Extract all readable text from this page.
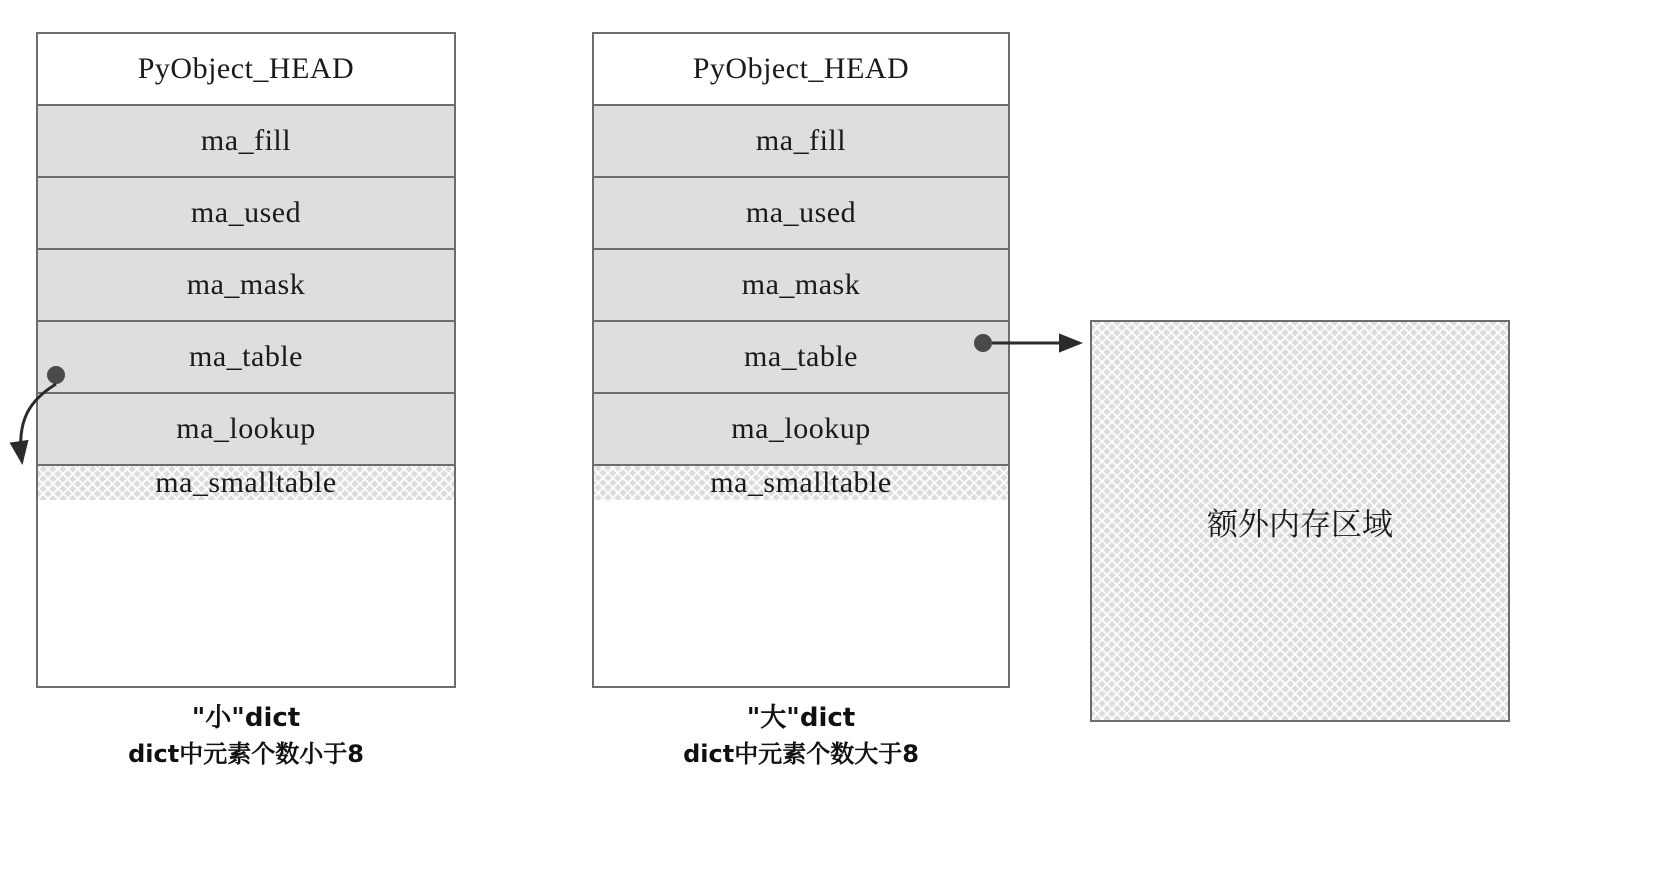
PyObject_HEAD
ma_fill
ma_used
ma_mask
ma_table
ma_lookup
ma_smalltable
"小"dict
dict中元素个数小于8
PyObject_HEAD
ma_fill
ma_used
ma_mask
ma_table
ma_lookup
ma_smalltable
"大"dict
dict中元素个数大于8
额外内存区域
